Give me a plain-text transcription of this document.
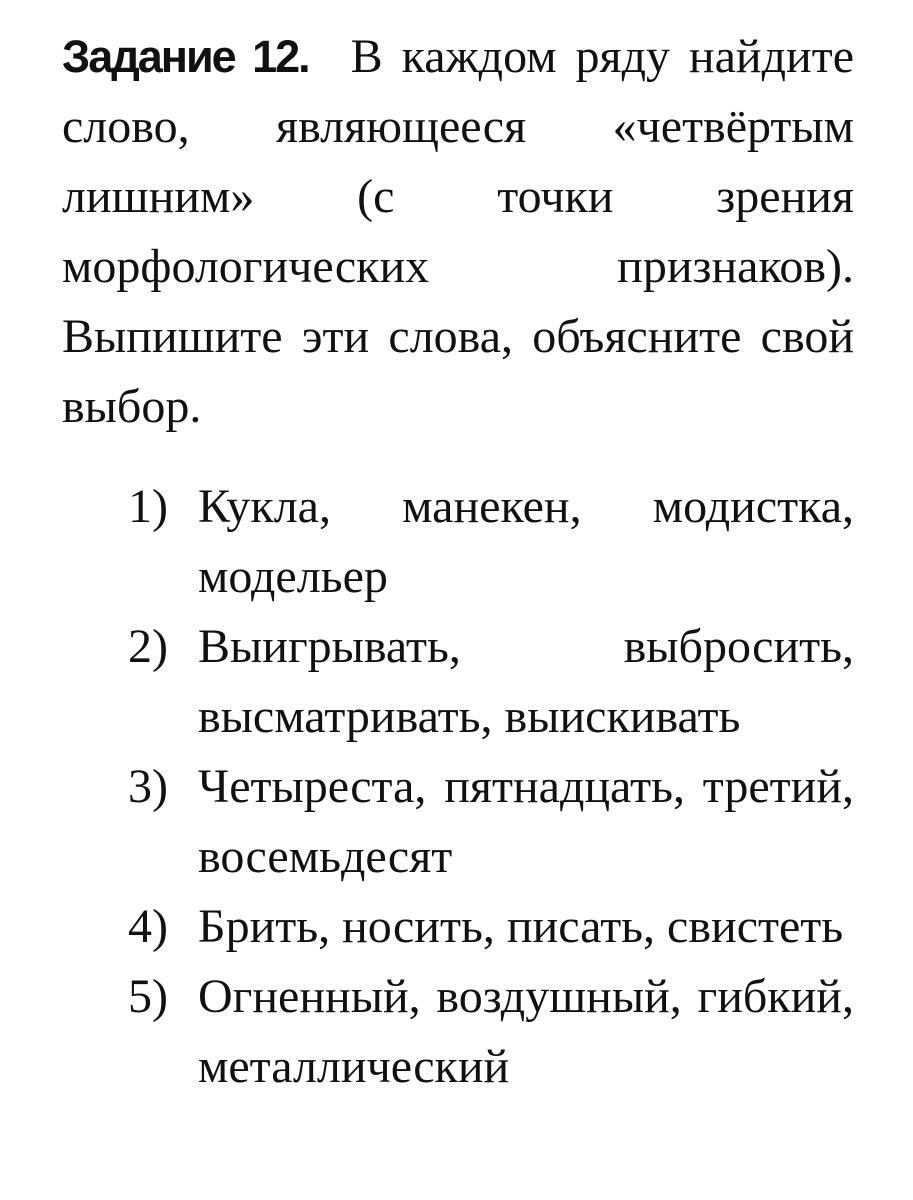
Задание 12. В каждом ряду найдите слово, являющееся «четвёртым лишним» (с точки зрения морфологических признаков). Выпишите эти слова, объясните свой выбор.

1) Кукла, манекен, модистка, модельер
2) Выигрывать, выбросить, высматривать, выискивать
3) Четыреста, пятнадцать, третий, восемьдесят
4) Брить, носить, писать, свистеть
5) Огненный, воздушный, гибкий, металлический
